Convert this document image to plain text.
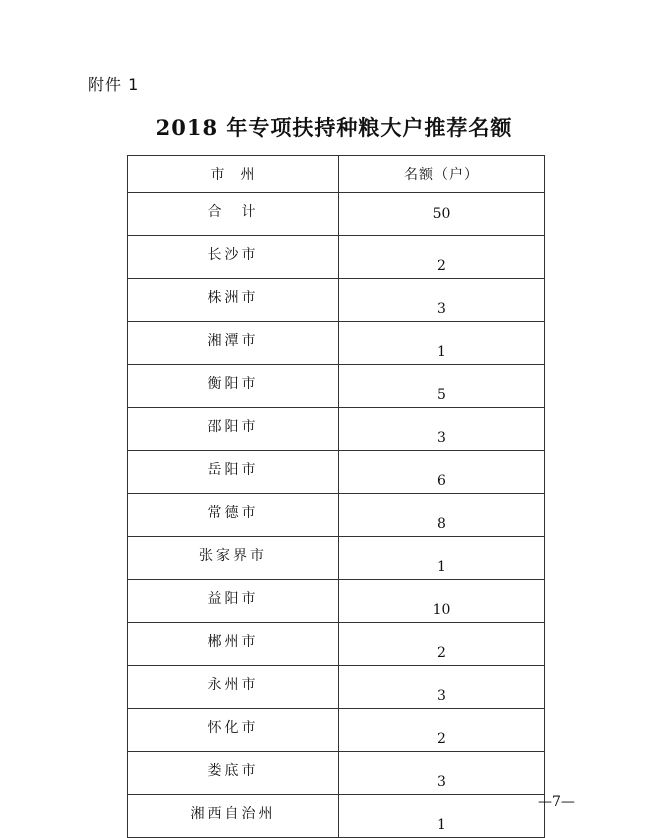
附件 1
2018 年专项扶持种粮大户推荐名额
市　州	名额（户）
合　计	50
长沙市	2
株洲市	3
湘潭市	1
衡阳市	5
邵阳市	3
岳阳市	6
常德市	8
张家界市	1
益阳市	10
郴州市	2
永州市	3
怀化市	2
娄底市	3
湘西自治州	1
—7—
